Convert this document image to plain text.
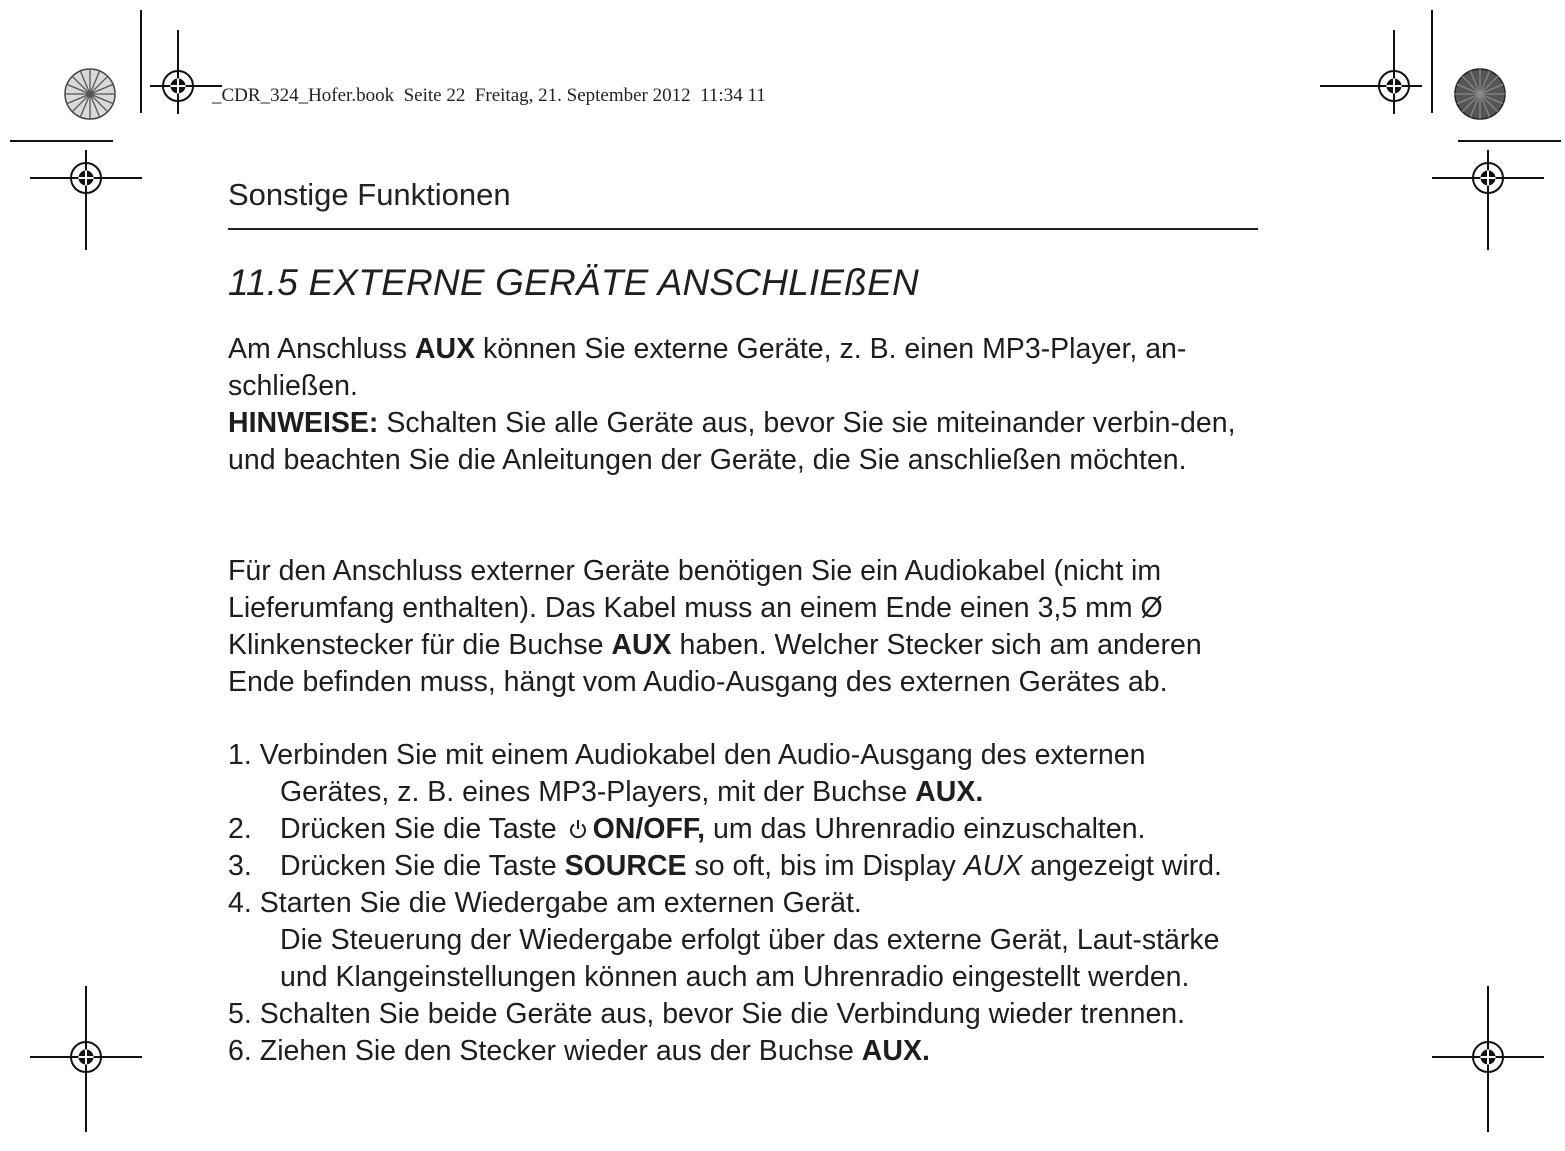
_CDR_324_Hofer.book  Seite 22  Freitag, 21. September 2012  11:34 11
Sonstige Funktionen
11.5 EXTERNE GERÄTE ANSCHLIEßEN

Am Anschluss AUX können Sie externe Geräte, z. B. einen MP3-Player, an-schließen.

HINWEISE: Schalten Sie alle Geräte aus, bevor Sie sie miteinander verbin-den, und beachten Sie die Anleitungen der Geräte, die Sie anschließen möchten.

Für den Anschluss externer Geräte benötigen Sie ein Audiokabel (nicht im Lieferumfang enthalten). Das Kabel muss an einem Ende einen 3,5 mm Ø Klinkenstecker für die Buchse AUX haben. Welcher Stecker sich am anderen Ende befinden muss, hängt vom Audio-Ausgang des externen Gerätes ab.

1. Verbinden Sie mit einem Audiokabel den Audio-Ausgang des externen Gerätes, z. B. eines MP3-Players, mit der Buchse AUX.
2. Drücken Sie die Taste ON/OFF, um das Uhrenradio einzuschalten.
3. Drücken Sie die Taste SOURCE so oft, bis im Display AUX angezeigt wird.
4. Starten Sie die Wiedergabe am externen Gerät.
Die Steuerung der Wiedergabe erfolgt über das externe Gerät, Laut-stärke und Klangeinstellungen können auch am Uhrenradio eingestellt werden.
5. Schalten Sie beide Geräte aus, bevor Sie die Verbindung wieder trennen.
6. Ziehen Sie den Stecker wieder aus der Buchse AUX.
